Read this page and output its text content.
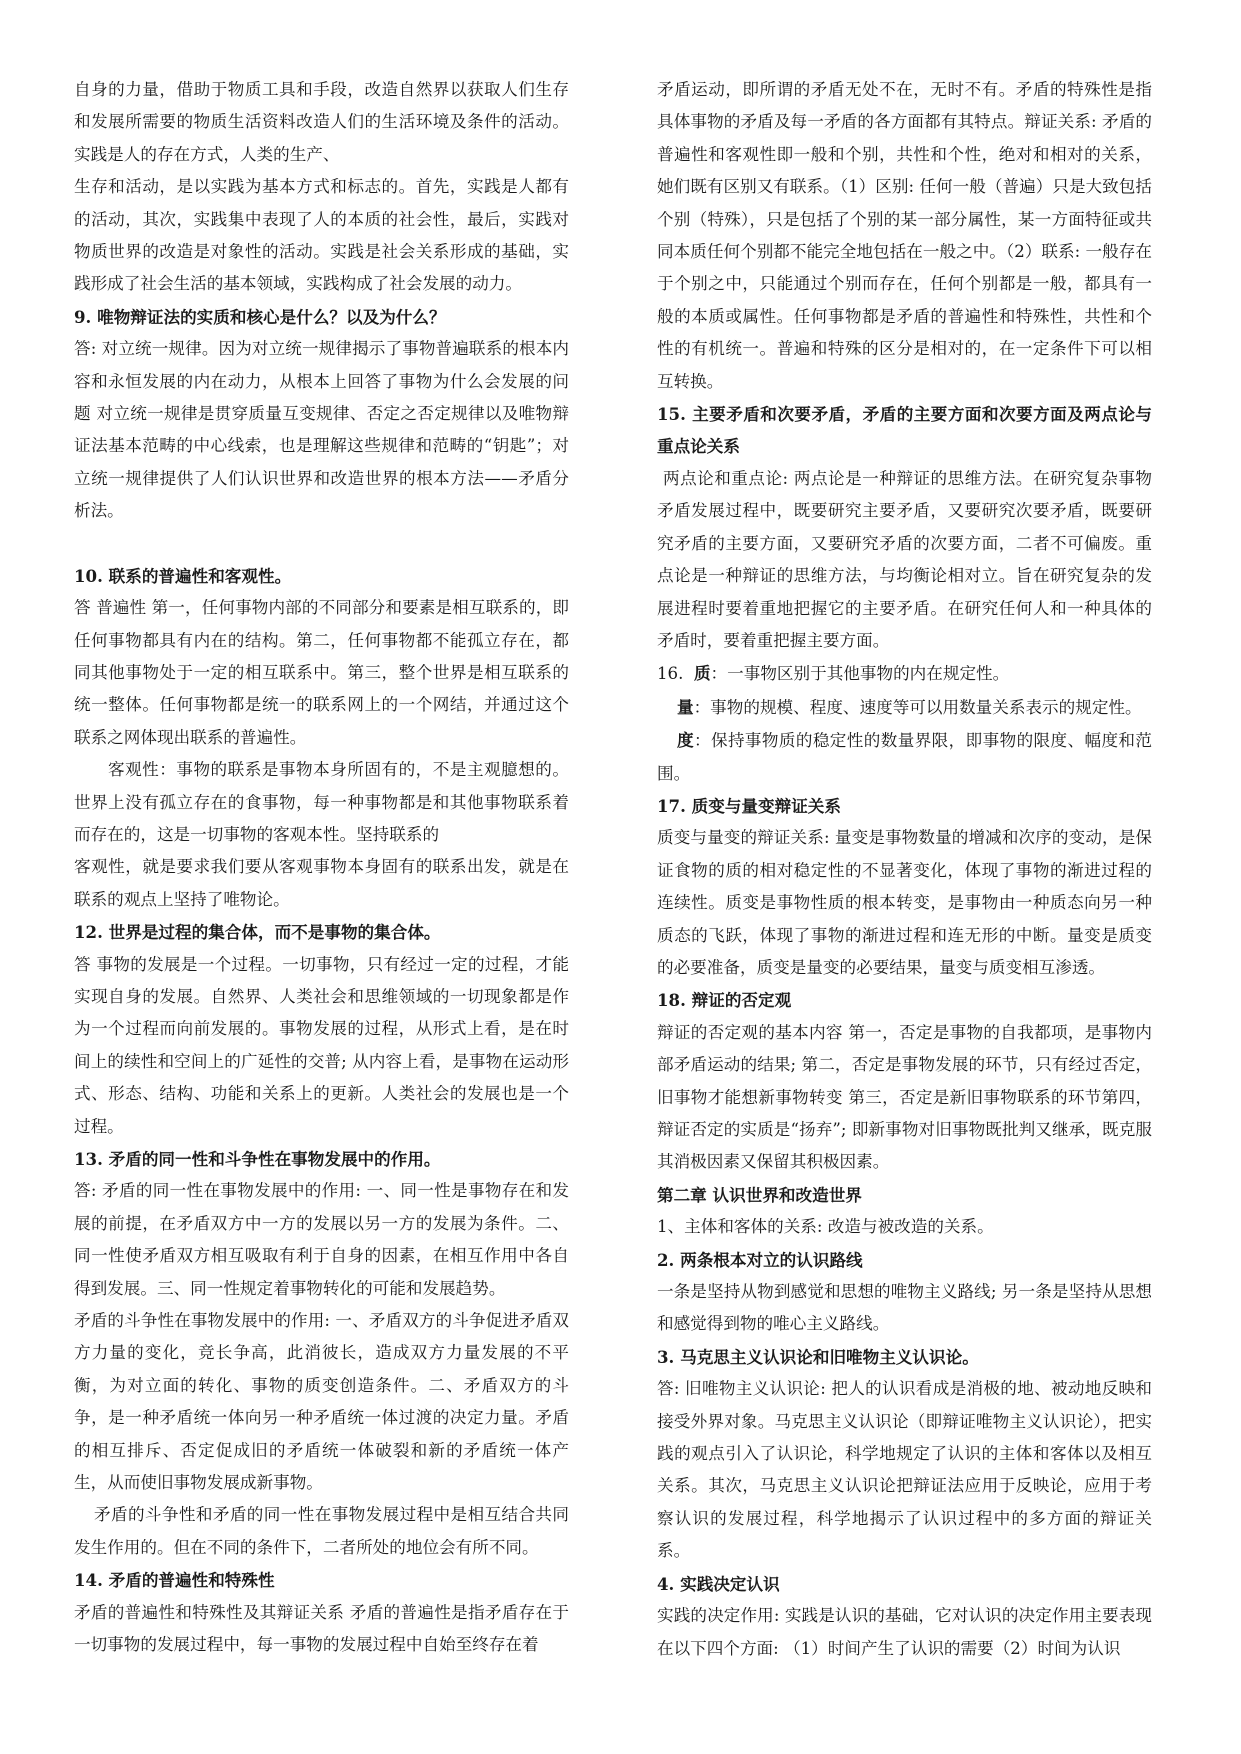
自身的力量，借助于物质工具和手段，改造自然界以获取人们生存和发展所需要的物质生活资料改造人们的生活环境及条件的活动。实践是人的存在方式，人类的生产、

生存和活动，是以实践为基本方式和标志的。首先，实践是人都有的活动，其次，实践集中表现了人的本质的社会性，最后，实践对物质世界的改造是对象性的活动。实践是社会关系形成的基础，实践形成了社会生活的基本领域，实践构成了社会发展的动力。

9. 唯物辩证法的实质和核心是什么？以及为什么？

答: 对立统一规律。因为对立统一规律揭示了事物普遍联系的根本内容和永恒发展的内在动力，从根本上回答了事物为什么会发展的问题 对立统一规律是贯穿质量互变规律、否定之否定规律以及唯物辩证法基本范畴的中心线索，也是理解这些规律和范畴的“钥匙”；对立统一规律提供了人们认识世界和改造世界的根本方法——矛盾分析法。

10. 联系的普遍性和客观性。

答 普遍性 第一，任何事物内部的不同部分和要素是相互联系的，即任何事物都具有内在的结构。第二，任何事物都不能孤立存在，都同其他事物处于一定的相互联系中。第三，整个世界是相互联系的统一整体。任何事物都是统一的联系网上的一个网结，并通过这个联系之网体现出联系的普遍性。

客观性：事物的联系是事物本身所固有的，不是主观臆想的。世界上没有孤立存在的食事物，每一种事物都是和其他事物联系着而存在的，这是一切事物的客观本性。坚持联系的

客观性，就是要求我们要从客观事物本身固有的联系出发，就是在联系的观点上坚持了唯物论。

12. 世界是过程的集合体，而不是事物的集合体。

答 事物的发展是一个过程。一切事物，只有经过一定的过程，才能实现自身的发展。自然界、人类社会和思维领域的一切现象都是作为一个过程而向前发展的。事物发展的过程，从形式上看，是在时间上的续性和空间上的广延性的交普; 从内容上看，是事物在运动形式、形态、结构、功能和关系上的更新。人类社会的发展也是一个过程。

13. 矛盾的同一性和斗争性在事物发展中的作用。

答: 矛盾的同一性在事物发展中的作用: 一、同一性是事物存在和发展的前提，在矛盾双方中一方的发展以另一方的发展为条件。二、同一性使矛盾双方相互吸取有利于自身的因素，在相互作用中各自得到发展。三、同一性规定着事物转化的可能和发展趋势。

矛盾的斗争性在事物发展中的作用: 一、矛盾双方的斗争促进矛盾双方力量的变化，竞长争高，此消彼长，造成双方力量发展的不平衡，为对立面的转化、事物的质变创造条件。二、矛盾双方的斗争，是一种矛盾统一体向另一种矛盾统一体过渡的决定力量。矛盾的相互排斥、否定促成旧的矛盾统一体破裂和新的矛盾统一体产生，从而使旧事物发展成新事物。

矛盾的斗争性和矛盾的同一性在事物发展过程中是相互结合共同发生作用的。但在不同的条件下，二者所处的地位会有所不同。

14. 矛盾的普遍性和特殊性

矛盾的普遍性和特殊性及其辩证关系 矛盾的普遍性是指矛盾存在于一切事物的发展过程中，每一事物的发展过程中自始至终存在着

矛盾运动，即所谓的矛盾无处不在，无时不有。矛盾的特殊性是指具体事物的矛盾及每一矛盾的各方面都有其特点。辩证关系: 矛盾的普遍性和客观性即一般和个别，共性和个性，绝对和相对的关系，她们既有区别又有联系。（1）区别: 任何一般（普遍）只是大致包括个别（特殊），只是包括了个别的某一部分属性，某一方面特征或共同本质任何个别都不能完全地包括在一般之中。（2）联系: 一般存在于个别之中，只能通过个别而存在，任何个别都是一般，都具有一般的本质或属性。任何事物都是矛盾的普遍性和特殊性，共性和个性的有机统一。普遍和特殊的区分是相对的，在一定条件下可以相互转换。

15. 主要矛盾和次要矛盾，矛盾的主要方面和次要方面及两点论与重点论关系

两点论和重点论: 两点论是一种辩证的思维方法。在研究复杂事物矛盾发展过程中，既要研究主要矛盾，又要研究次要矛盾，既要研究矛盾的主要方面，又要研究矛盾的次要方面，二者不可偏废。重点论是一种辩证的思维方法，与均衡论相对立。旨在研究复杂的发展进程时要着重地把握它的主要矛盾。在研究任何人和一种具体的矛盾时，要着重把握主要方面。

16. 质：一事物区别于其他事物的内在规定性。

量：事物的规模、程度、速度等可以用数量关系表示的规定性。

度：保持事物质的稳定性的数量界限，即事物的限度、幅度和范围。

17. 质变与量变辩证关系

质变与量变的辩证关系: 量变是事物数量的增减和次序的变动，是保证食物的质的相对稳定性的不显著变化，体现了事物的渐进过程的连续性。质变是事物性质的根本转变，是事物由一种质态向另一种质态的飞跃，体现了事物的渐进过程和连无形的中断。量变是质变的必要准备，质变是量变的必要结果，量变与质变相互渗透。

18. 辩证的否定观

辩证的否定观的基本内容 第一，否定是事物的自我都项，是事物内部矛盾运动的结果; 第二，否定是事物发展的环节，只有经过否定，旧事物才能想新事物转变 第三，否定是新旧事物联系的环节第四，辩证否定的实质是“扬弃”; 即新事物对旧事物既批判又继承，既克服其消极因素又保留其积极因素。

第二章 认识世界和改造世界

1、主体和客体的关系: 改造与被改造的关系。

2. 两条根本对立的认识路线

一条是坚持从物到感觉和思想的唯物主义路线; 另一条是坚持从思想和感觉得到物的唯心主义路线。

3. 马克思主义认识论和旧唯物主义认识论。

答: 旧唯物主义认识论: 把人的认识看成是消极的地、被动地反映和接受外界对象。马克思主义认识论（即辩证唯物主义认识论），把实践的观点引入了认识论，科学地规定了认识的主体和客体以及相互关系。其次，马克思主义认识论把辩证法应用于反映论，应用于考察认识的发展过程，科学地揭示了认识过程中的多方面的辩证关系。

4. 实践决定认识

实践的决定作用: 实践是认识的基础，它对认识的决定作用主要表现在以下四个方面: （1）时间产生了认识的需要（2）时间为认识
